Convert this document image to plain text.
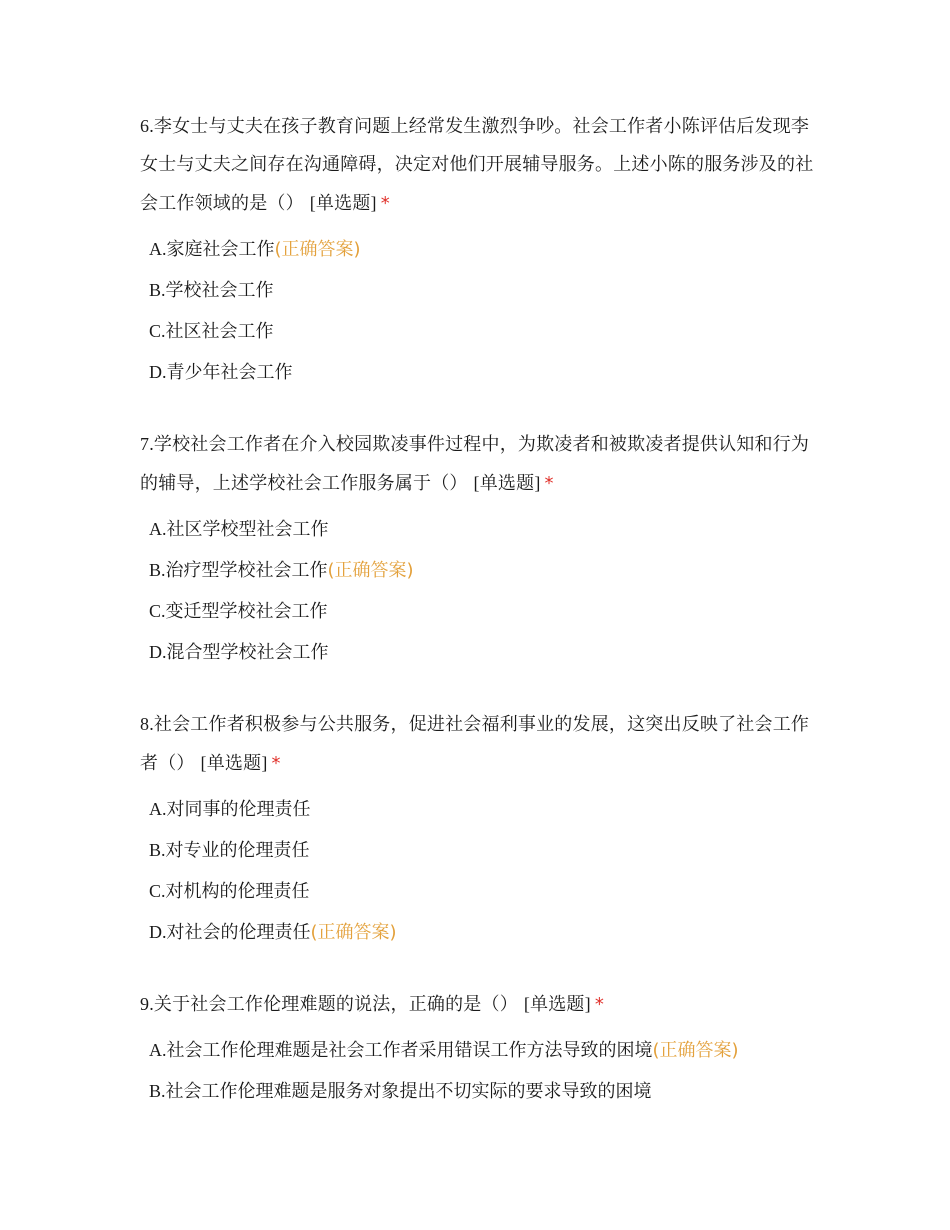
6.李女士与丈夫在孩子教育问题上经常发生激烈争吵。社会工作者小陈评估后发现李女士与丈夫之间存在沟通障碍，决定对他们开展辅导服务。上述小陈的服务涉及的社会工作领域的是（） [单选题] *

A.家庭社会工作(正确答案)
B.学校社会工作
C.社区社会工作
D.青少年社会工作

7.学校社会工作者在介入校园欺凌事件过程中，为欺凌者和被欺凌者提供认知和行为的辅导，上述学校社会工作服务属于（） [单选题] *

A.社区学校型社会工作
B.治疗型学校社会工作(正确答案)
C.变迁型学校社会工作
D.混合型学校社会工作

8.社会工作者积极参与公共服务，促进社会福利事业的发展，这突出反映了社会工作者（） [单选题] *

A.对同事的伦理责任
B.对专业的伦理责任
C.对机构的伦理责任
D.对社会的伦理责任(正确答案)

9.关于社会工作伦理难题的说法，正确的是（） [单选题] *

A.社会工作伦理难题是社会工作者采用错误工作方法导致的困境(正确答案)
B.社会工作伦理难题是服务对象提出不切实际的要求导致的困境
